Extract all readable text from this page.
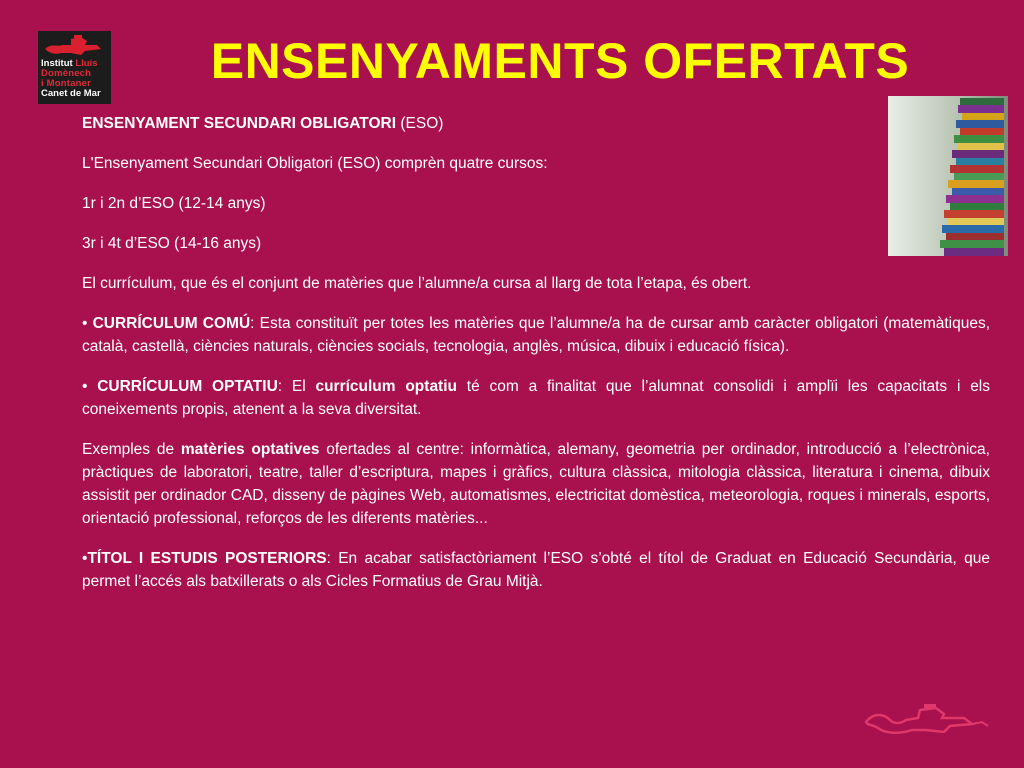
Institut Lluís
Domènech
i Montaner
Canet de Mar
ENSENYAMENTS OFERTATS

ENSENYAMENT SECUNDARI OBLIGATORI (ESO)

L'Ensenyament Secundari Obligatori (ESO) comprèn quatre cursos:

1r i 2n d’ESO (12-14 anys)

3r i 4t d’ESO (14-16 anys)

El currículum, que és el conjunt de matèries que l’alumne/a cursa al llarg de tota l’etapa, és obert.

• CURRÍCULUM COMÚ: Esta constituït per totes les matèries que l’alumne/a ha de cursar amb caràcter obligatori (matemàtiques, català, castellà, ciències naturals, ciències socials, tecnologia, anglès, música, dibuix i educació física).

• CURRÍCULUM OPTATIU: El currículum optatiu té com a finalitat que l’alumnat consolidi i amplïi les capacitats i els coneixements propis, atenent a la seva diversitat.

Exemples de matèries optatives ofertades al centre: informàtica, alemany, geometria per ordinador, introducció a l’electrònica, pràctiques de laboratori, teatre, taller d’escriptura, mapes i gràfics, cultura clàssica, mitologia clàssica, literatura i cinema, dibuix assistit per ordinador CAD, disseny de pàgines Web, automatismes, electricitat domèstica, meteorologia, roques i minerals, esports, orientació professional, reforços de les diferents matèries...

•TÍTOL I ESTUDIS POSTERIORS: En acabar satisfactòriament l’ESO s’obté el títol de Graduat en Educació Secundària, que permet l’accés als batxillerats o als Cicles Formatius de Grau Mitjà.
